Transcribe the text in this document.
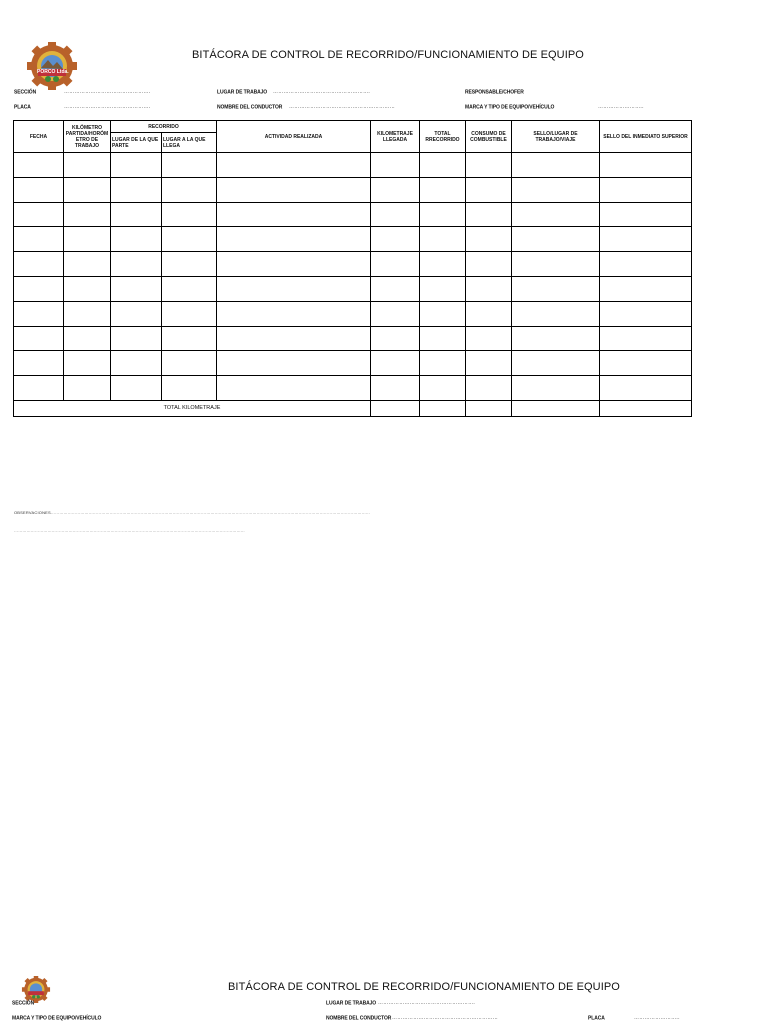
PORCO Ltda.
BITÁCORA DE CONTROL DE RECORRIDO/FUNCIONAMIENTO DE EQUIPO
SECCIÓN	………………………………………….	LUGAR DE TRABAJO ……………………………………………….	RESPONSABLE/CHOFER
PLACA	………………………………………….	NOMBRE DEL CONDUCTOR ……………………………………………………	MARCA Y TIPO DE EQUIPO/VEHÍCULO	……………………..
FECHA	KILÓMETRO PARTIDA/HORÓM ETRO DE TRABAJO	RECORRIDO		ACTIVIDAD REALIZADA	KILOMETRAJE LLEGADA	TOTAL RRECORRIDO	CONSUMO DE COMBUSTIBLE	SELLO/LUGAR DE TRABAJO/VIAJE	SELLO DEL INMEDIATO SUPERIOR
		LUGAR DE LA QUE PARTE	LUGAR A LA QUE LLEGA						

TOTAL KILOMETRAJE									
OBSERVACIONES…………………………………………………………………………………………………………………………………………………………………………………………………………
…………………………………………………………………………………………………………………………………………………
BITÁCORA DE CONTROL DE RECORRIDO/FUNCIONAMIENTO DE EQUIPO
SECCIÓN	LUGAR DE TRABAJO ……………………………………………….
MARCA Y TIPO DE EQUIPO/VEHÍCULO	NOMBRE DEL CONDUCTOR ……………………………………………………	PLACA	……………………..
